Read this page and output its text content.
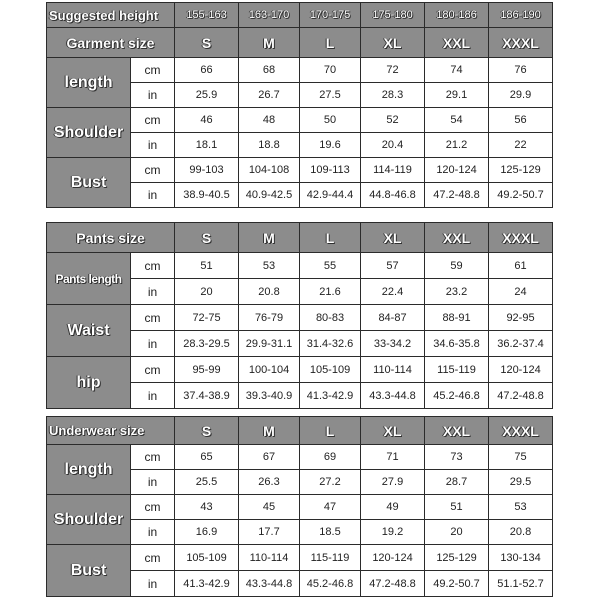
Suggested height		155-163	163-170	170-175	175-180	180-186	186-190
Garment size		S	M	L	XL	XXL	XXXL
length	cm	66	68	70	72	74	76
	in	25.9	26.7	27.5	28.3	29.1	29.9
Shoulder	cm	46	48	50	52	54	56
	in	18.1	18.8	19.6	20.4	21.2	22
Bust	cm	99-103	104-108	109-113	114-119	120-124	125-129
	in	38.9-40.5	40.9-42.5	42.9-44.4	44.8-46.8	47.2-48.8	49.2-50.7
Pants size		S	M	L	XL	XXL	XXXL
Pants length	cm	51	53	55	57	59	61
	in	20	20.8	21.6	22.4	23.2	24
Waist	cm	72-75	76-79	80-83	84-87	88-91	92-95
	in	28.3-29.5	29.9-31.1	31.4-32.6	33-34.2	34.6-35.8	36.2-37.4
hip	cm	95-99	100-104	105-109	110-114	115-119	120-124
	in	37.4-38.9	39.3-40.9	41.3-42.9	43.3-44.8	45.2-46.8	47.2-48.8
Underwear size		S	M	L	XL	XXL	XXXL
length	cm	65	67	69	71	73	75
	in	25.5	26.3	27.2	27.9	28.7	29.5
Shoulder	cm	43	45	47	49	51	53
	in	16.9	17.7	18.5	19.2	20	20.8
Bust	cm	105-109	110-114	115-119	120-124	125-129	130-134
	in	41.3-42.9	43.3-44.8	45.2-46.8	47.2-48.8	49.2-50.7	51.1-52.7
